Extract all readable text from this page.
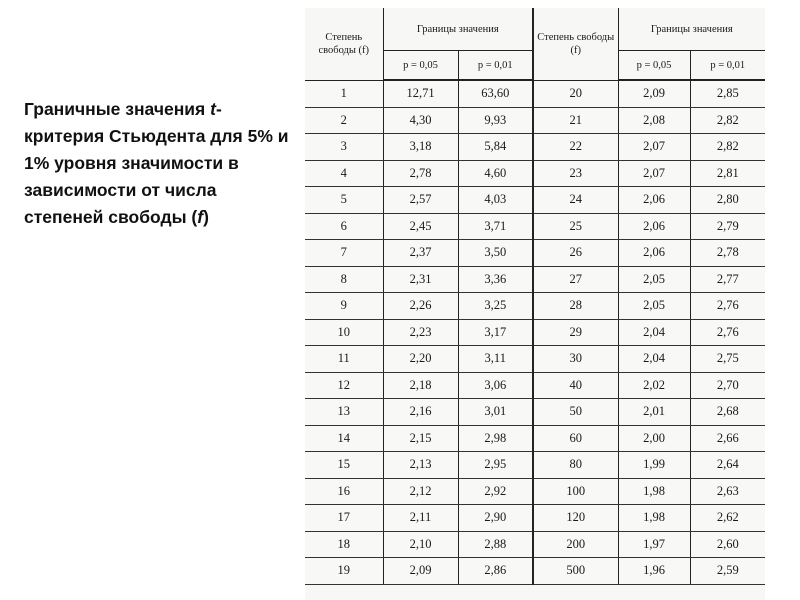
Граничные значения t-критерия Стьюдента для 5% и 1% уровня значимости в зависимости от числа степеней свободы (f)
Степень свободы (f)	Границы значения		Степень свободы (f)	Границы значения	
	p = 0,05	p = 0,01		p = 0,05	p = 0,01
1	12,71	63,60	20	2,09	2,85
2	4,30	9,93	21	2,08	2,82
3	3,18	5,84	22	2,07	2,82
4	2,78	4,60	23	2,07	2,81
5	2,57	4,03	24	2,06	2,80
6	2,45	3,71	25	2,06	2,79
7	2,37	3,50	26	2,06	2,78
8	2,31	3,36	27	2,05	2,77
9	2,26	3,25	28	2,05	2,76
10	2,23	3,17	29	2,04	2,76
11	2,20	3,11	30	2,04	2,75
12	2,18	3,06	40	2,02	2,70
13	2,16	3,01	50	2,01	2,68
14	2,15	2,98	60	2,00	2,66
15	2,13	2,95	80	1,99	2,64
16	2,12	2,92	100	1,98	2,63
17	2,11	2,90	120	1,98	2,62
18	2,10	2,88	200	1,97	2,60
19	2,09	2,86	500	1,96	2,59
